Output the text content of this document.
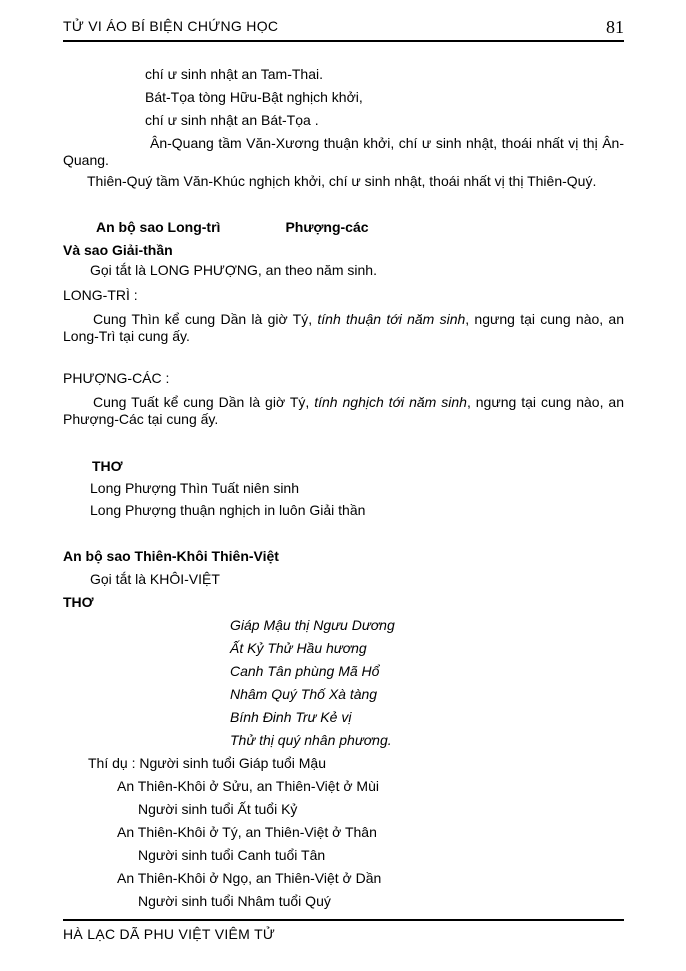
TỬ VI ÁO BÍ BIỆN CHỨNG HỌC	81
chí ư sinh nhật an Tam-Thai.
Bát-Tọa tòng Hữu-Bật nghịch khởi,
chí ư sinh nhật an Bát-Tọa .

Ân-Quang tầm Văn-Xương thuận khởi, chí ư sinh nhật, thoái nhất vị thị Ân-Quang.

Thiên-Quý tầm Văn-Khúc nghịch khởi, chí ư sinh nhật, thoái nhất vị thị Thiên-Quý.

An bộ sao Long-trì	Phượng-các
Và sao Giải-thần

Gọi tắt là LONG PHƯỢNG, an theo năm sinh.

LONG-TRÌ :

Cung Thìn kể cung Dần là giờ Tý, tính thuận tới năm sinh, ngưng tại cung nào, an Long-Trì tại cung ấy.

PHƯỢNG-CÁC :

Cung Tuất kể cung Dần là giờ Tý, tính nghịch tới năm sinh, ngưng tại cung nào, an Phượng-Các tại cung ấy.

THƠ

Long Phượng Thìn Tuất niên sinh
Long Phượng thuận nghịch in luôn Giải thần

An bộ sao Thiên-Khôi Thiên-Việt

Gọi tắt là KHÔI-VIỆT

THƠ

Giáp Mậu thị Ngưu Dương
Ất Kỷ Thử Hầu hương
Canh Tân phùng Mã Hổ
Nhâm Quý Thố Xà tàng
Bính Đinh Trư Kẻ vị
Thử thị quý nhân phương.
Thí dụ : Người sinh tuổi Giáp tuổi Mậu
An Thiên-Khôi ở Sửu, an Thiên-Việt ở Mùi
Người sinh tuổi Ất tuổi Kỷ
An Thiên-Khôi ở Tý, an Thiên-Việt ở Thân
Người sinh tuổi Canh tuổi Tân
An Thiên-Khôi ở Ngọ, an Thiên-Việt ở Dần
Người sinh tuổi Nhâm tuổi Quý
HÀ LẠC DÃ PHU VIỆT VIÊM TỬ
